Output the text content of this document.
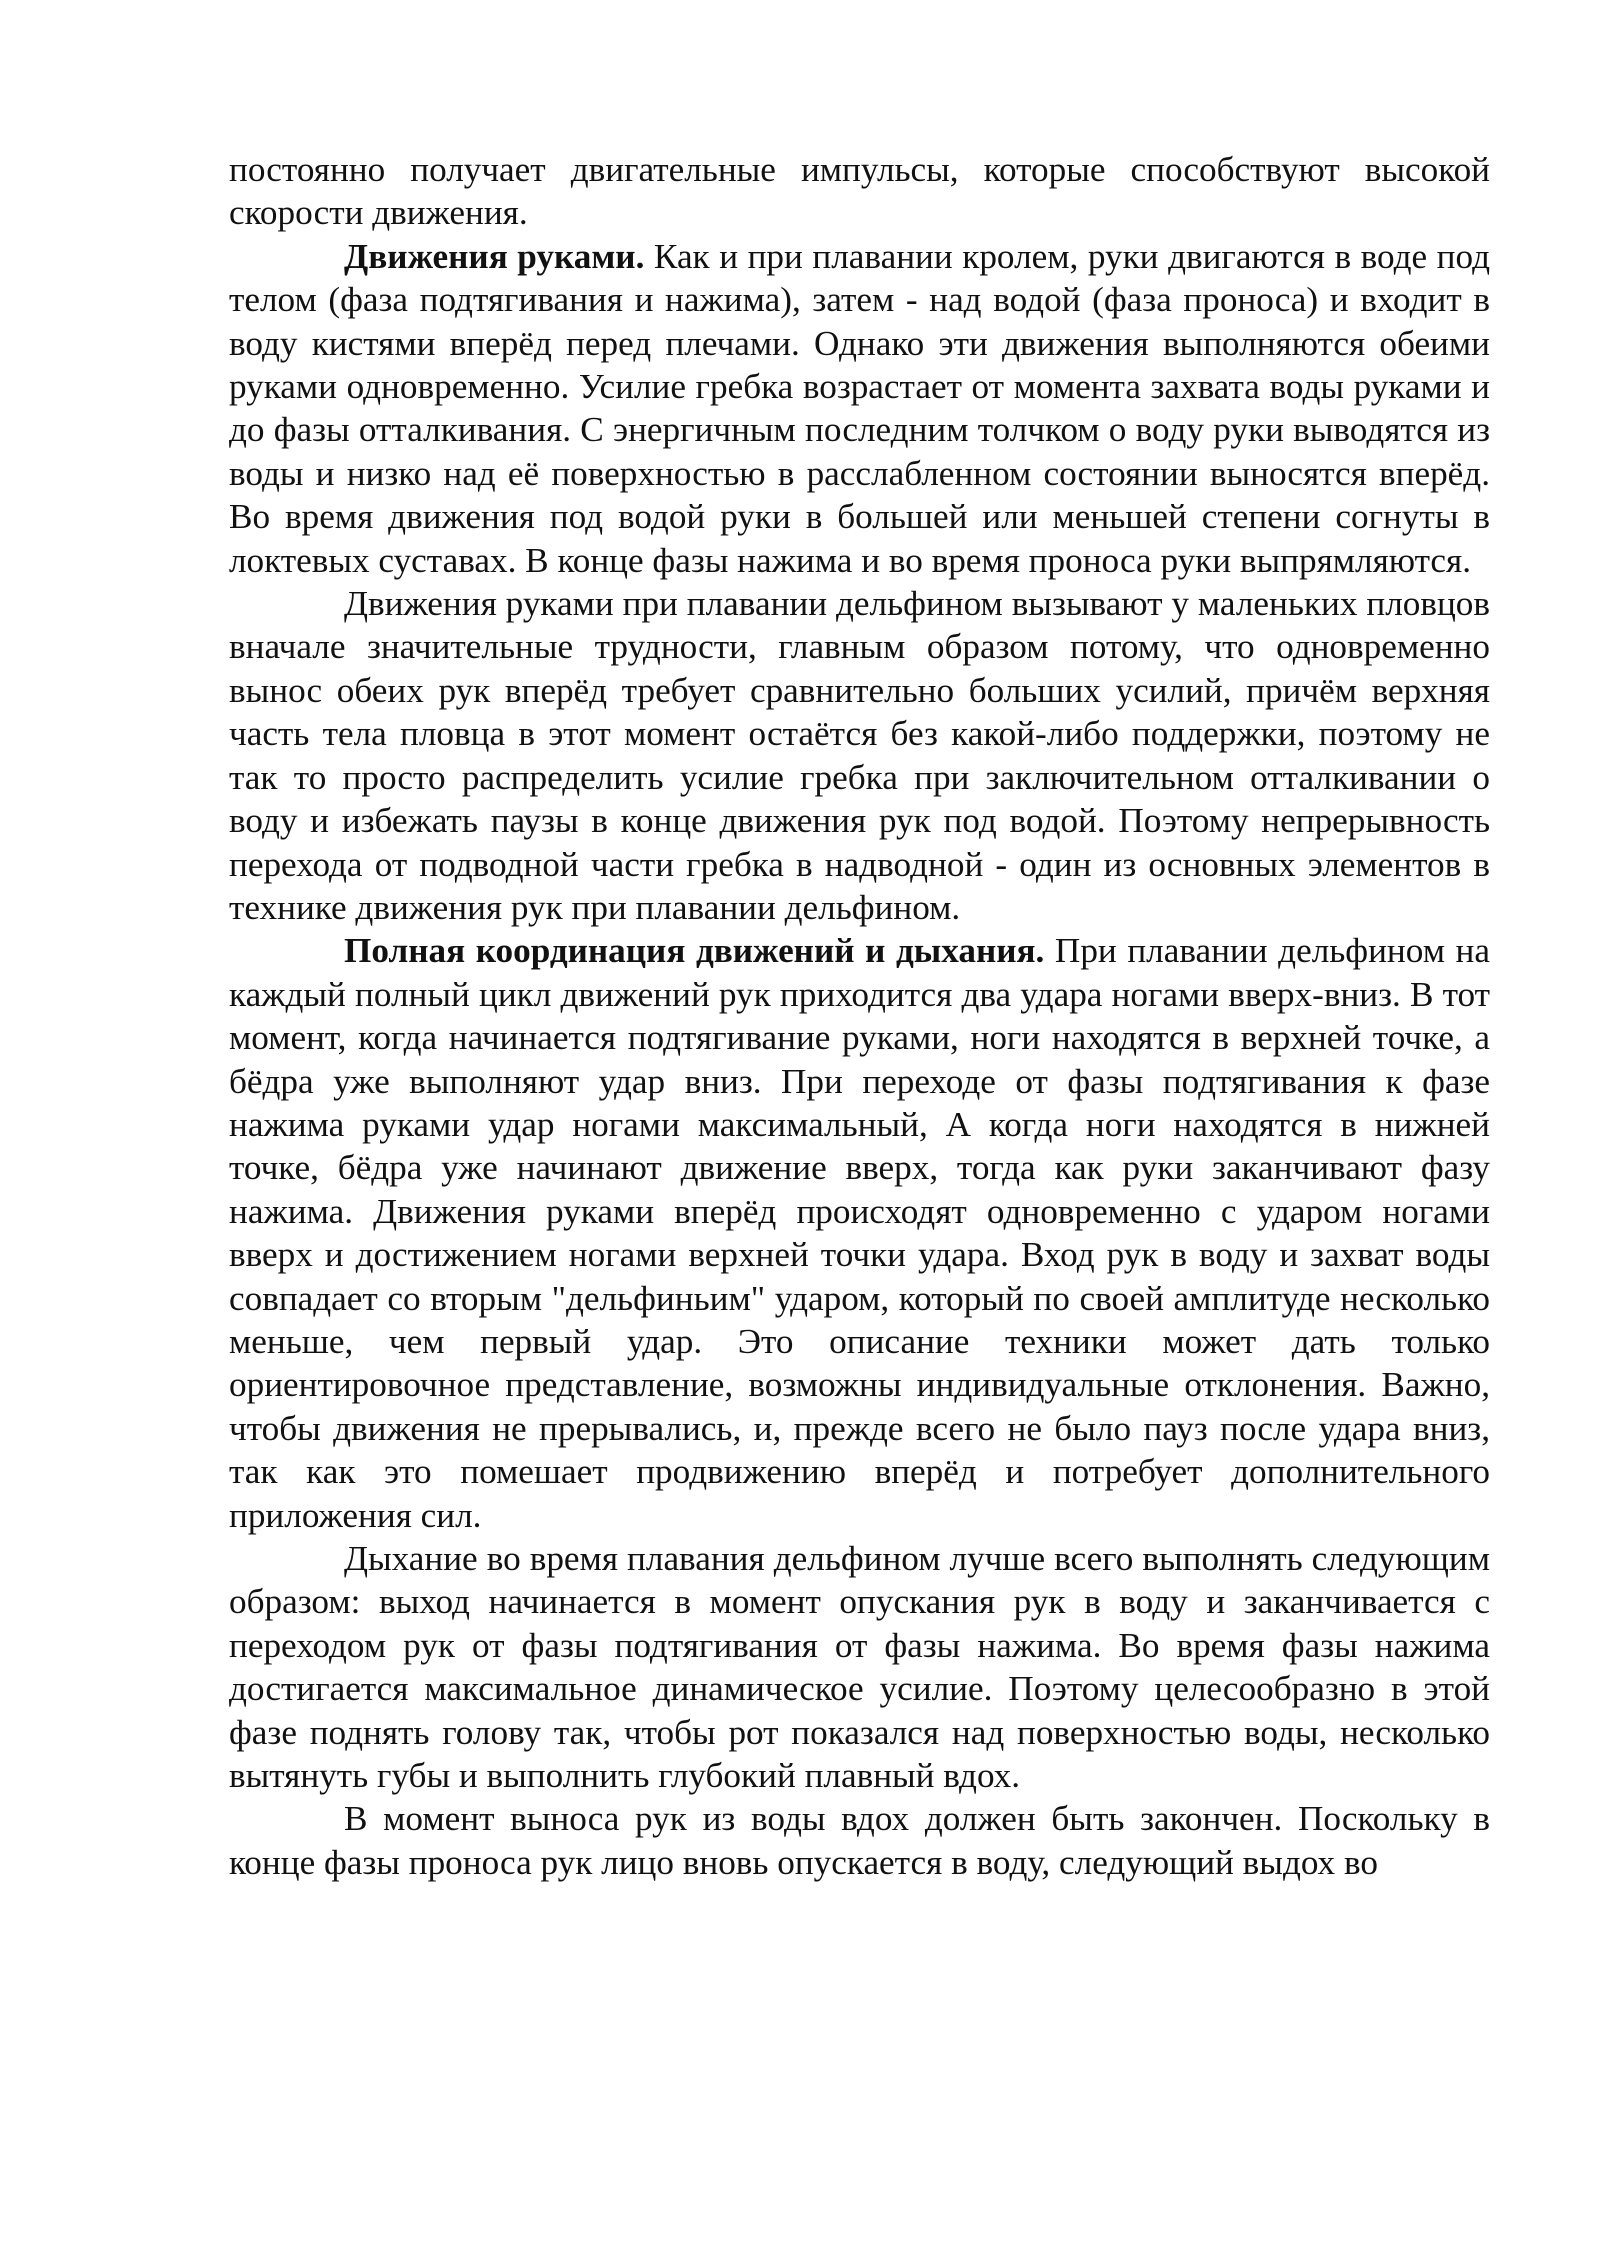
постоянно получает двигательные импульсы, которые способствуют высокой скорости движения.

Движения руками. Как и при плавании кролем, руки двигаются в воде под телом (фаза подтягивания и нажима), затем - над водой (фаза проноса) и входит в воду кистями вперёд перед плечами. Однако эти движения выполняются обеими руками одновременно. Усилие гребка возрастает от момента захвата воды руками и до фазы отталкивания. С энергичным последним толчком о воду руки выводятся из воды и низко над её поверхностью в расслабленном состоянии выносятся вперёд. Во время движения под водой руки в большей или меньшей степени согнуты в локтевых суставах. В конце фазы нажима и во время проноса руки выпрямляются.

Движения руками при плавании дельфином вызывают у маленьких пловцов вначале значительные трудности, главным образом потому, что одновременно вынос обеих рук вперёд требует сравнительно больших усилий, причём верхняя часть тела пловца в этот момент остаётся без какой-либо поддержки, поэтому не так то просто распределить усилие гребка при заключительном отталкивании о воду и избежать паузы в конце движения рук под водой. Поэтому непрерывность перехода от подводной части гребка в надводной - один из основных элементов в технике движения рук при плавании дельфином.

Полная координация движений и дыхания. При плавании дельфином на каждый полный цикл движений рук приходится два удара ногами вверх-вниз. В тот момент, когда начинается подтягивание руками, ноги находятся в верхней точке, а бёдра уже выполняют удар вниз. При переходе от фазы подтягивания к фазе нажима руками удар ногами максимальный, А когда ноги находятся в нижней точке, бёдра уже начинают движение вверх, тогда как руки заканчивают фазу нажима. Движения руками вперёд происходят одновременно с ударом ногами вверх и достижением ногами верхней точки удара. Вход рук в воду и захват воды совпадает со вторым "дельфиньим" ударом, который по своей амплитуде несколько меньше, чем первый удар. Это описание техники может дать только ориентировочное представление, возможны индивидуальные отклонения. Важно, чтобы движения не прерывались, и, прежде всего не было пауз после удара вниз, так как это помешает продвижению вперёд и потребует дополнительного приложения сил.

Дыхание во время плавания дельфином лучше всего выполнять следующим образом: выход начинается в момент опускания рук в воду и заканчивается с переходом рук от фазы подтягивания от фазы нажима. Во время фазы нажима достигается максимальное динамическое усилие. Поэтому целесообразно в этой фазе поднять голову так, чтобы рот показался над поверхностью воды, несколько вытянуть губы и выполнить глубокий плавный вдох.

В момент выноса рук из воды вдох должен быть закончен. Поскольку в конце фазы проноса рук лицо вновь опускается в воду, следующий выдох во
